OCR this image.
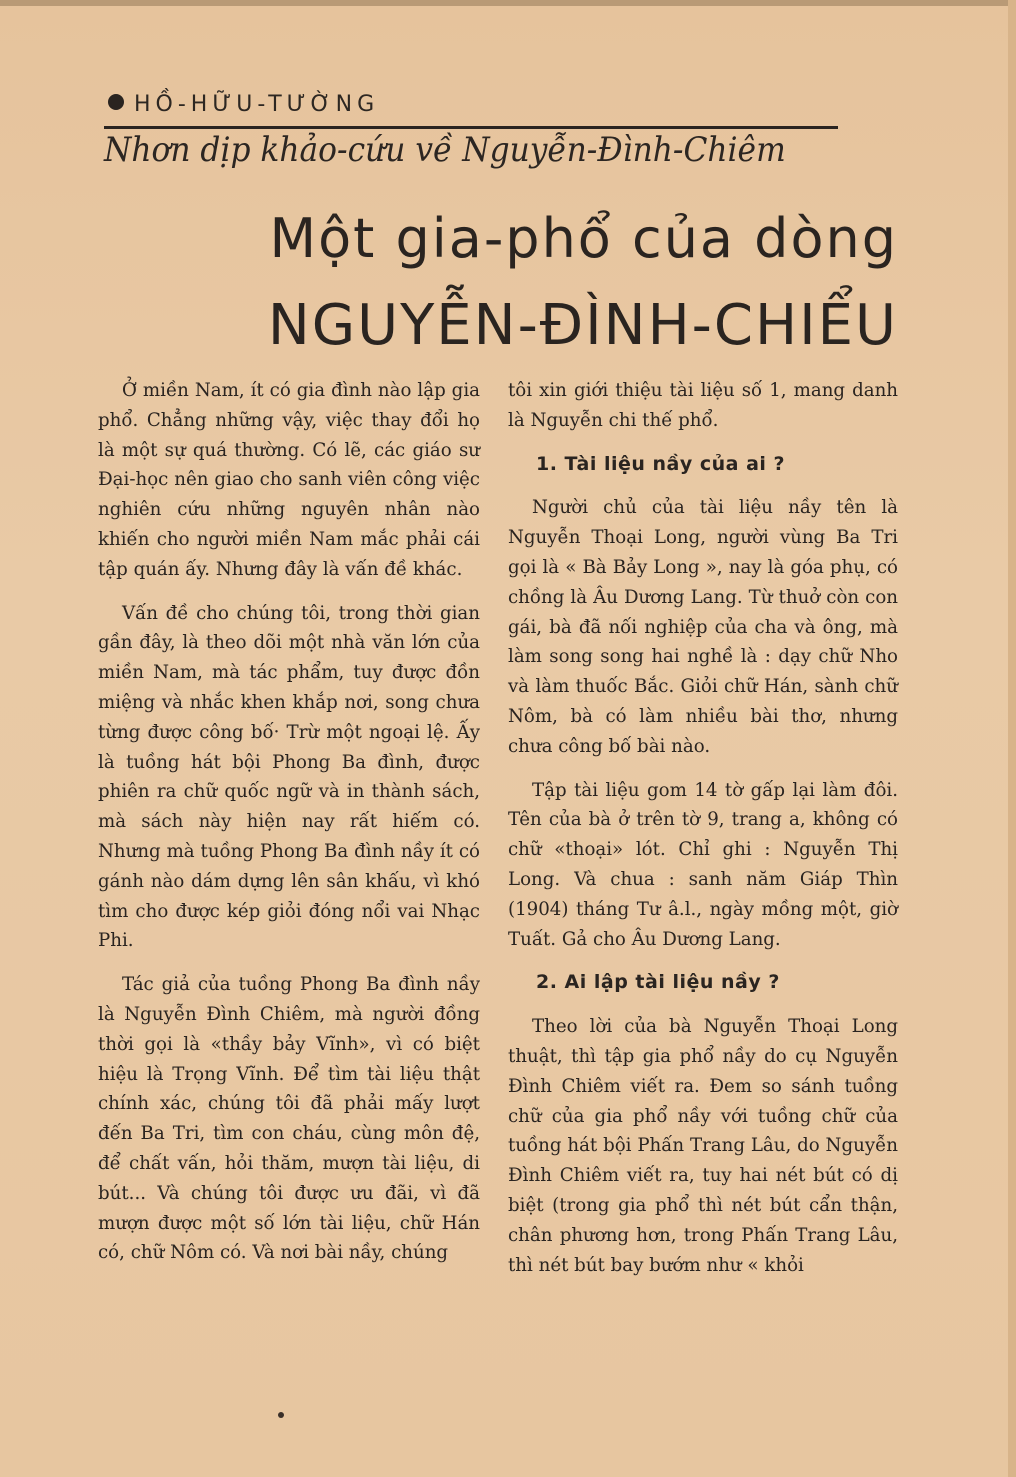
HỒ-HỮU-TƯỜNG
Nhơn dịp khảo-cứu về Nguyễn-Đình-Chiêm
Một gia-phổ của dòng
NGUYỄN-ĐÌNH-CHIỂU

Ở miền Nam, ít có gia đình nào lập gia phổ. Chẳng những vậy, việc thay đổi họ là một sự quá thường. Có lẽ, các giáo sư Đại-học nên giao cho sanh viên công việc nghiên cứu những nguyên nhân nào khiến cho người miền Nam mắc phải cái tập quán ấy. Nhưng đây là vấn đề khác.

Vấn đề cho chúng tôi, trong thời gian gần đây, là theo dõi một nhà văn lớn của miền Nam, mà tác phẩm, tuy được đồn miệng và nhắc khen khắp nơi, song chưa từng được công bố· Trừ một ngoại lệ. Ấy là tuồng hát bội Phong Ba đình, được phiên ra chữ quốc ngữ và in thành sách, mà sách này hiện nay rất hiếm có. Nhưng mà tuồng Phong Ba đình nầy ít có gánh nào dám dựng lên sân khấu, vì khó tìm cho được kép giỏi đóng nổi vai Nhạc Phi.

Tác giả của tuồng Phong Ba đình nầy là Nguyễn Đình Chiêm, mà người đồng thời gọi là «thầy bảy Vĩnh», vì có biệt hiệu là Trọng Vĩnh. Để tìm tài liệu thật chính xác, chúng tôi đã phải mấy lượt đến Ba Tri, tìm con cháu, cùng môn đệ, để chất vấn, hỏi thăm, mượn tài liệu, di bút... Và chúng tôi được ưu đãi, vì đã mượn được một số lớn tài liệu, chữ Hán có, chữ Nôm có. Và nơi bài nầy, chúng

tôi xin giới thiệu tài liệu số 1, mang danh là Nguyễn chi thế phổ.

1. Tài liệu nầy của ai ?

Người chủ của tài liệu nầy tên là Nguyễn Thoại Long, người vùng Ba Tri gọi là « Bà Bảy Long », nay là góa phụ, có chồng là Âu Dương Lang. Từ thuở còn con gái, bà đã nối nghiệp của cha và ông, mà làm song song hai nghề là : dạy chữ Nho và làm thuốc Bắc. Giỏi chữ Hán, sành chữ Nôm, bà có làm nhiều bài thơ, nhưng chưa công bố bài nào.

Tập tài liệu gom 14 tờ gấp lại làm đôi. Tên của bà ở trên tờ 9, trang a, không có chữ «thoại» lót. Chỉ ghi : Nguyễn Thị Long. Và chua : sanh năm Giáp Thìn (1904) tháng Tư â.l., ngày mồng một, giờ Tuất. Gả cho Âu Dương Lang.

2. Ai lập tài liệu nầy ?

Theo lời của bà Nguyễn Thoại Long thuật, thì tập gia phổ nầy do cụ Nguyễn Đình Chiêm viết ra. Đem so sánh tuồng chữ của gia phổ nầy với tuồng chữ của tuồng hát bội Phấn Trang Lâu, do Nguyễn Đình Chiêm viết ra, tuy hai nét bút có dị biệt (trong gia phổ thì nét bút cẩn thận, chân phương hơn, trong Phấn Trang Lâu, thì nét bút bay bướm như « khỏi
